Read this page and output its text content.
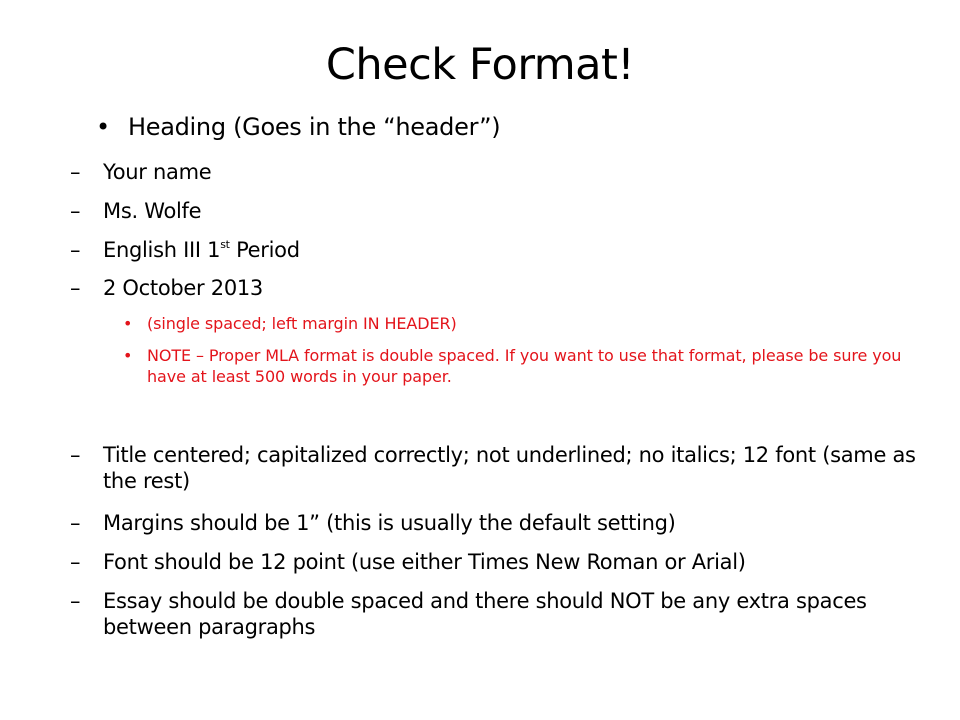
Check Format!
• Heading (Goes in the “header”)
– Your name
– Ms. Wolfe
– English III 1st Period
– 2 October 2013
• (single spaced; left margin IN HEADER)
• NOTE – Proper MLA format is double spaced. If you want to use that format, please be sure you have at least 500 words in your paper.
– Title centered; capitalized correctly; not underlined; no italics; 12 font (same as the rest)
– Margins should be 1” (this is usually the default setting)
– Font should be 12 point (use either Times New Roman or Arial)
– Essay should be double spaced and there should NOT be any extra spaces between paragraphs
